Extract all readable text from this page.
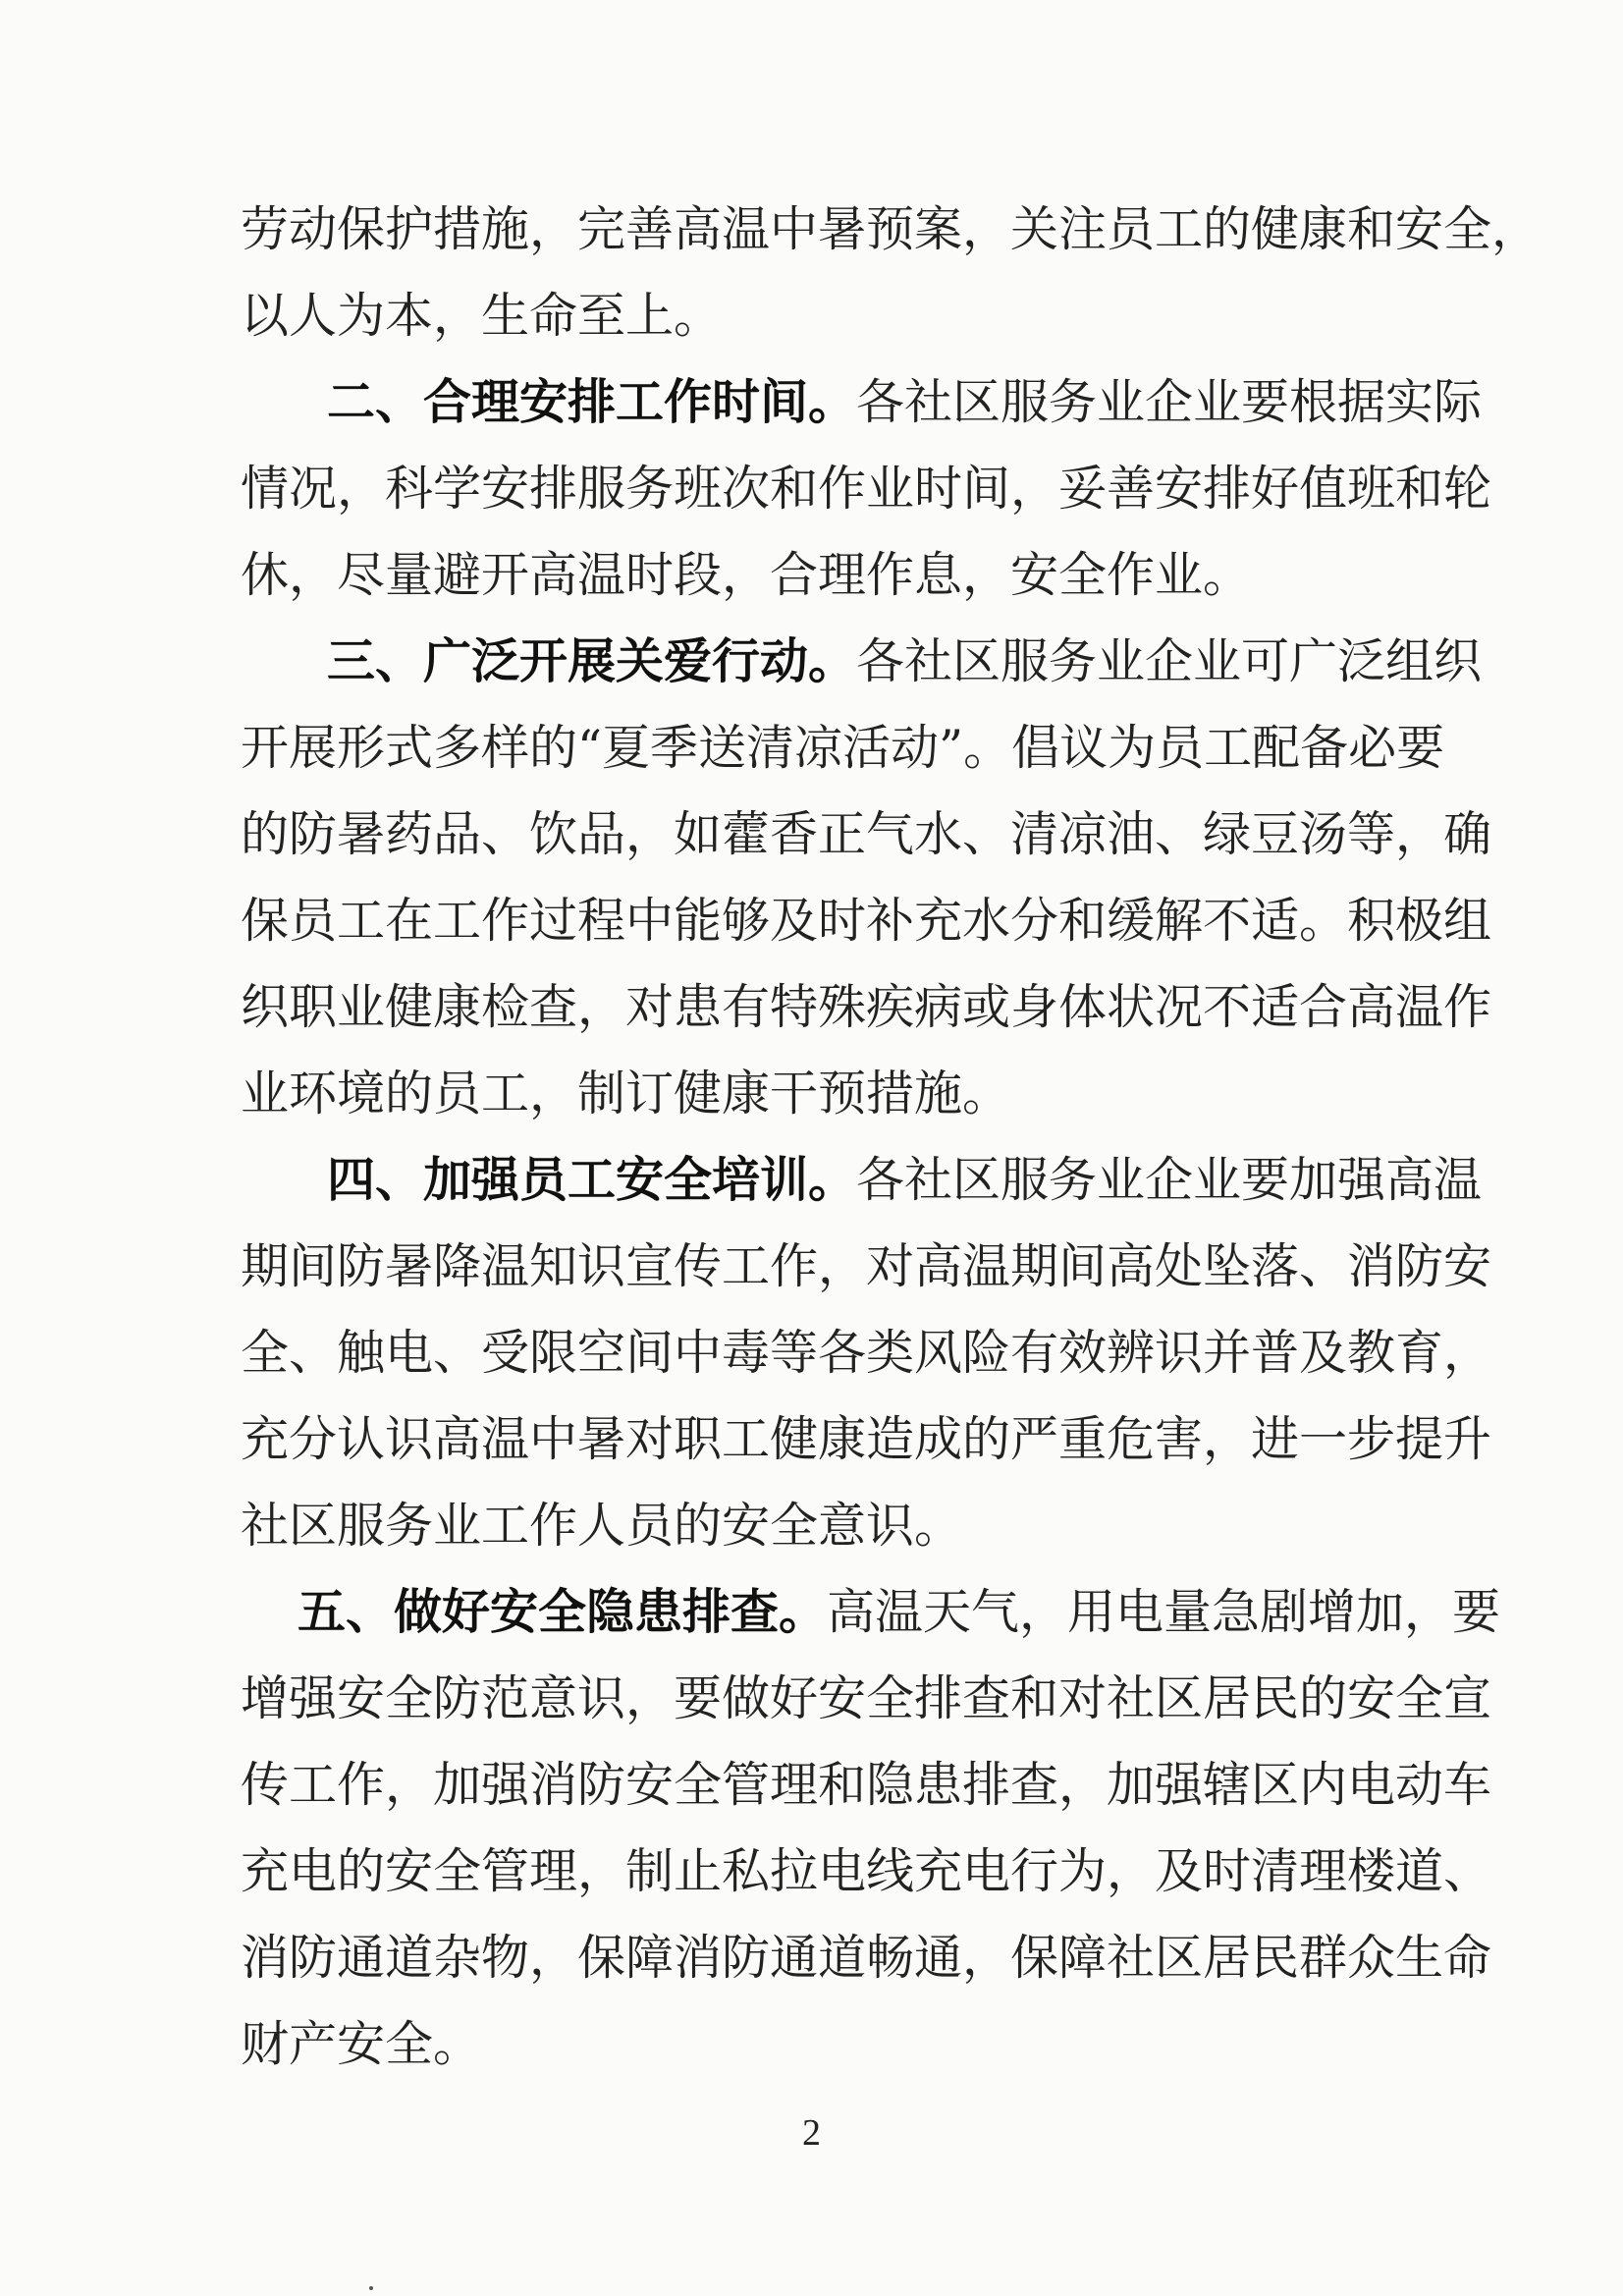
劳动保护措施，完善高温中暑预案，关注员工的健康和安全，
以人为本，生命至上。
二、合理安排工作时间。各社区服务业企业要根据实际
情况，科学安排服务班次和作业时间，妥善安排好值班和轮
休，尽量避开高温时段，合理作息，安全作业。
三、广泛开展关爱行动。各社区服务业企业可广泛组织
开展形式多样的“夏季送清凉活动”。倡议为员工配备必要
的防暑药品、饮品，如藿香正气水、清凉油、绿豆汤等，确
保员工在工作过程中能够及时补充水分和缓解不适。积极组
织职业健康检查，对患有特殊疾病或身体状况不适合高温作
业环境的员工，制订健康干预措施。
四、加强员工安全培训。各社区服务业企业要加强高温
期间防暑降温知识宣传工作，对高温期间高处坠落、消防安
全、触电、受限空间中毒等各类风险有效辨识并普及教育，
充分认识高温中暑对职工健康造成的严重危害，进一步提升
社区服务业工作人员的安全意识。
五、做好安全隐患排查。高温天气，用电量急剧增加，要
增强安全防范意识，要做好安全排查和对社区居民的安全宣
传工作，加强消防安全管理和隐患排查，加强辖区内电动车
充电的安全管理，制止私拉电线充电行为，及时清理楼道、
消防通道杂物，保障消防通道畅通，保障社区居民群众生命
财产安全。
2
